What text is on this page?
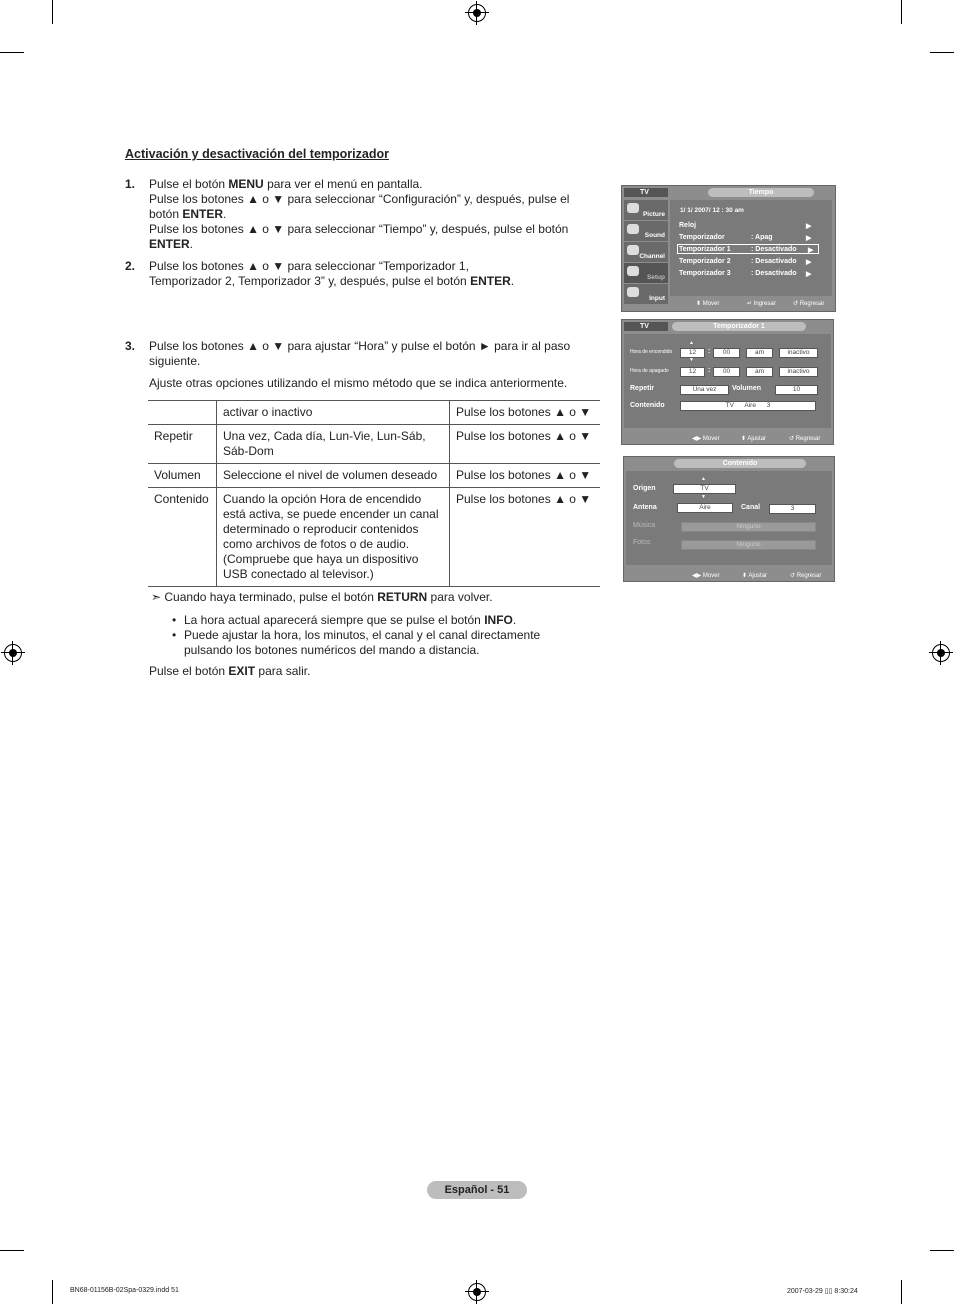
Activación y desactivación del temporizador
1. Pulse el botón MENU para ver el menú en pantalla.
Pulse los botones ▲ o ▼ para seleccionar “Configuración” y, después, pulse el
botón ENTER.
Pulse los botones ▲ o ▼ para seleccionar “Tiempo” y, después, pulse el botón
ENTER.
2. Pulse los botones ▲ o ▼ para seleccionar “Temporizador 1,
Temporizador 2, Temporizador 3” y, después, pulse el botón ENTER.
3. Pulse los botones ▲ o ▼ para ajustar “Hora” y pulse el botón ► para ir al paso
siguiente.
Ajuste otras opciones utilizando el mismo método que se indica anteriormente.
	activar o inactivo	Pulse los botones ▲ o ▼
Repetir	Una vez, Cada día, Lun-Vie, Lun-Sáb, Sáb-Dom	Pulse los botones ▲ o ▼
Volumen	Seleccione el nivel de volumen deseado	Pulse los botones ▲ o ▼
Contenido	Cuando la opción Hora de encendido está activa, se puede encender un canal determinado o reproducir contenidos como archivos de fotos o de audio. (Compruebe que haya un dispositivo USB conectado al televisor.)	Pulse los botones ▲ o ▼
➣ Cuando haya terminado, pulse el botón RETURN para volver.
• La hora actual aparecerá siempre que se pulse el botón INFO.
• Puede ajustar la hora, los minutos, el canal y el canal directamente pulsando los botones numéricos del mando a distancia.
Pulse el botón EXIT para salir.
TV	Tiempo
Picture
Sound
Channel
Setup
Input
1/ 1/ 2007/ 12 : 30 am
Reloj	▶
Temporizador	: Apag	▶
Temporizador 1	: Desactivado ▶
Temporizador 2	: Desactivado ▶
Temporizador 3	: Desactivado ▶
⬍ Mover	↵ Ingresar	↺ Regresar
TV	Temporizador 1
▲
Hora de encendido	12	:	00	am	inactivo
▼
Hora de apagado	12	:	00	am	inactivo
Repetir	Una vez	Volumen	10
Contenido	TV      Aire      3
◀▶ Mover	⬍ Ajustar	↺ Regresar
Contenido
▲
Origen	TV
▼
Antena	Aire	Canal	3
Música	Ninguno
Fotos	Ninguno
◀▶ Mover	⬍ Ajustar	↺ Regresar
Español - 51
BN68-01156B-02Spa-0329.indd 51	2007-03-29 ▯▯ 8:30:24
